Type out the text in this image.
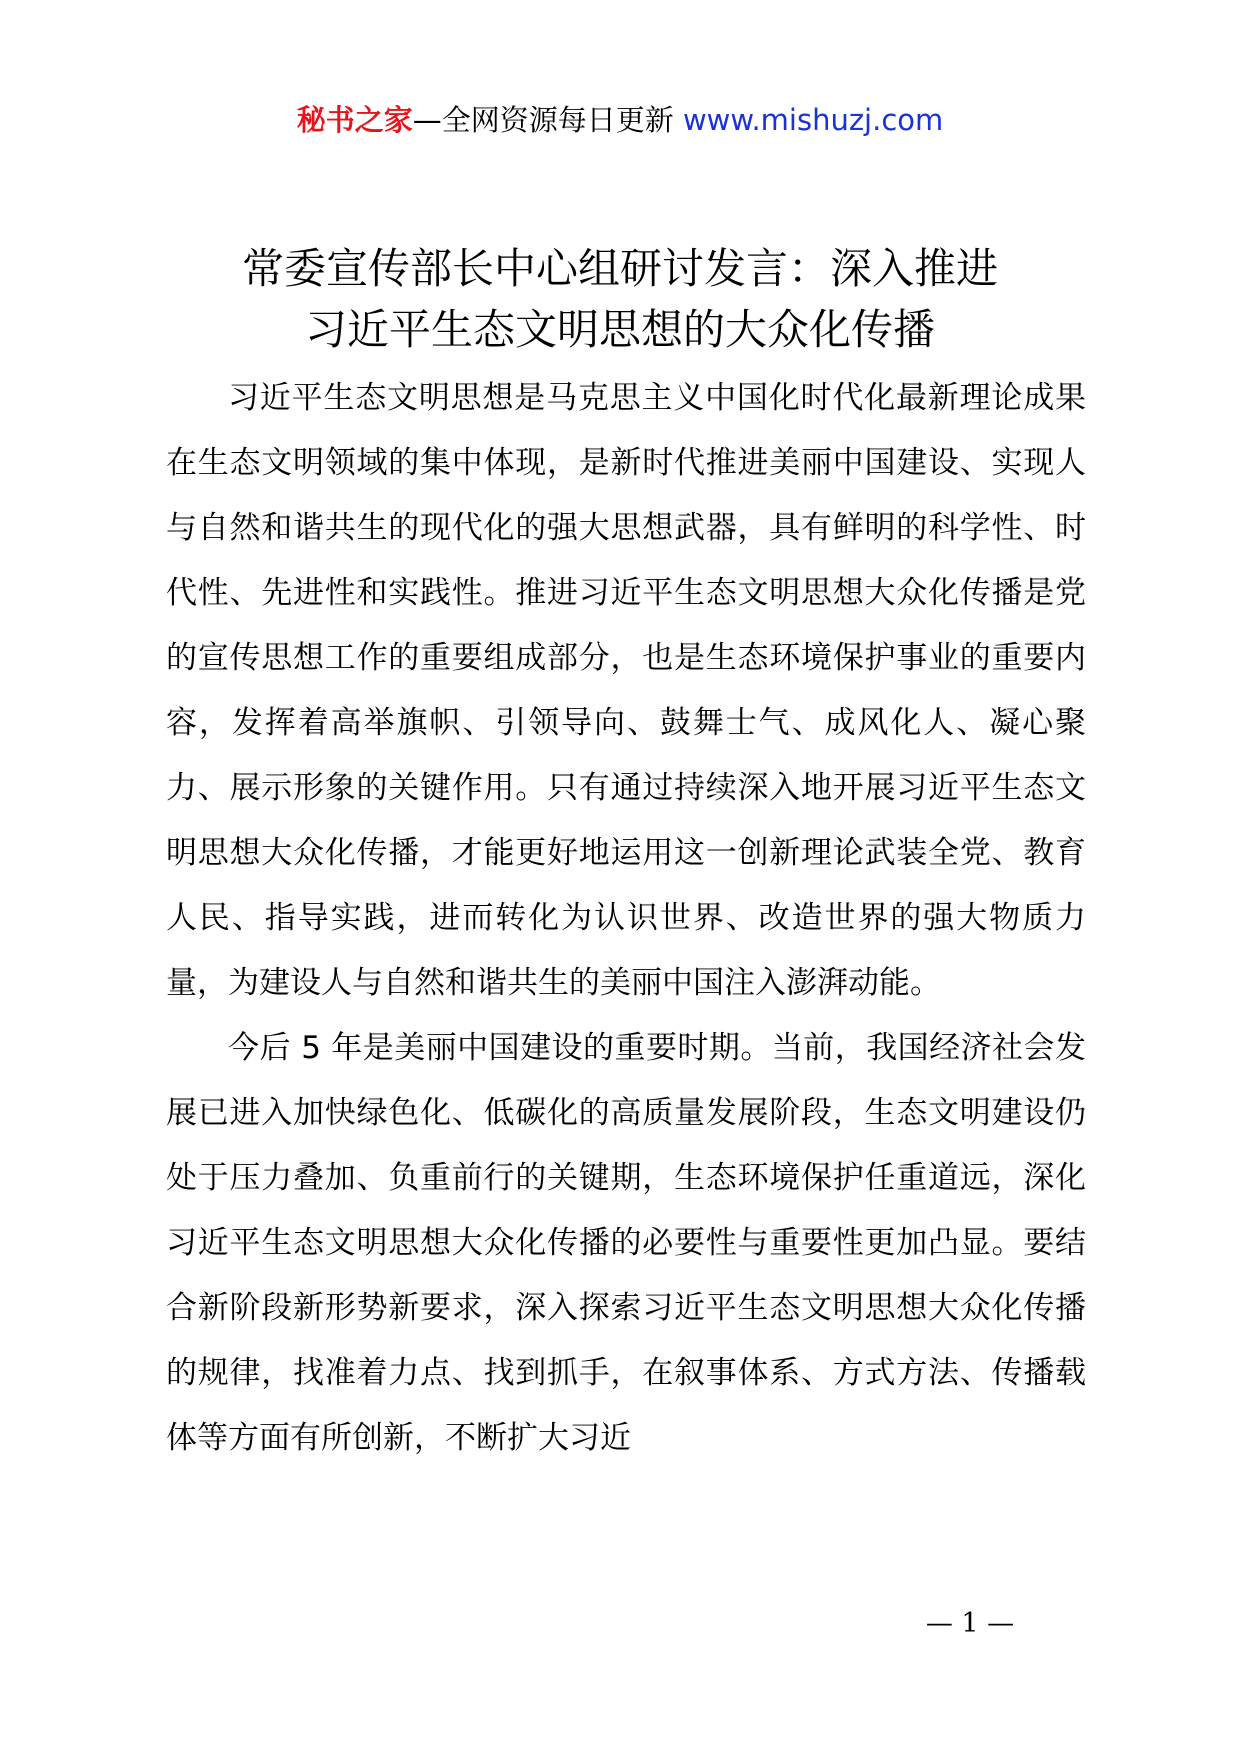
秘书之家—全网资源每日更新 www.mishuzj.com
常委宣传部长中心组研讨发言：深入推进
习近平生态文明思想的大众化传播

习近平生态文明思想是马克思主义中国化时代化最新理论成果在生态文明领域的集中体现，是新时代推进美丽中国建设、实现人与自然和谐共生的现代化的强大思想武器，具有鲜明的科学性、时代性、先进性和实践性。推进习近平生态文明思想大众化传播是党的宣传思想工作的重要组成部分，也是生态环境保护事业的重要内容，发挥着高举旗帜、引领导向、鼓舞士气、成风化人、凝心聚力、展示形象的关键作用。只有通过持续深入地开展习近平生态文明思想大众化传播，才能更好地运用这一创新理论武装全党、教育人民、指导实践，进而转化为认识世界、改造世界的强大物质力量，为建设人与自然和谐共生的美丽中国注入澎湃动能。

今后 5 年是美丽中国建设的重要时期。当前，我国经济社会发展已进入加快绿色化、低碳化的高质量发展阶段，生态文明建设仍处于压力叠加、负重前行的关键期，生态环境保护任重道远，深化习近平生态文明思想大众化传播的必要性与重要性更加凸显。要结合新阶段新形势新要求，深入探索习近平生态文明思想大众化传播的规律，找准着力点、找到抓手，在叙事体系、方式方法、传播载体等方面有所创新，不断扩大习近

— 1 —
